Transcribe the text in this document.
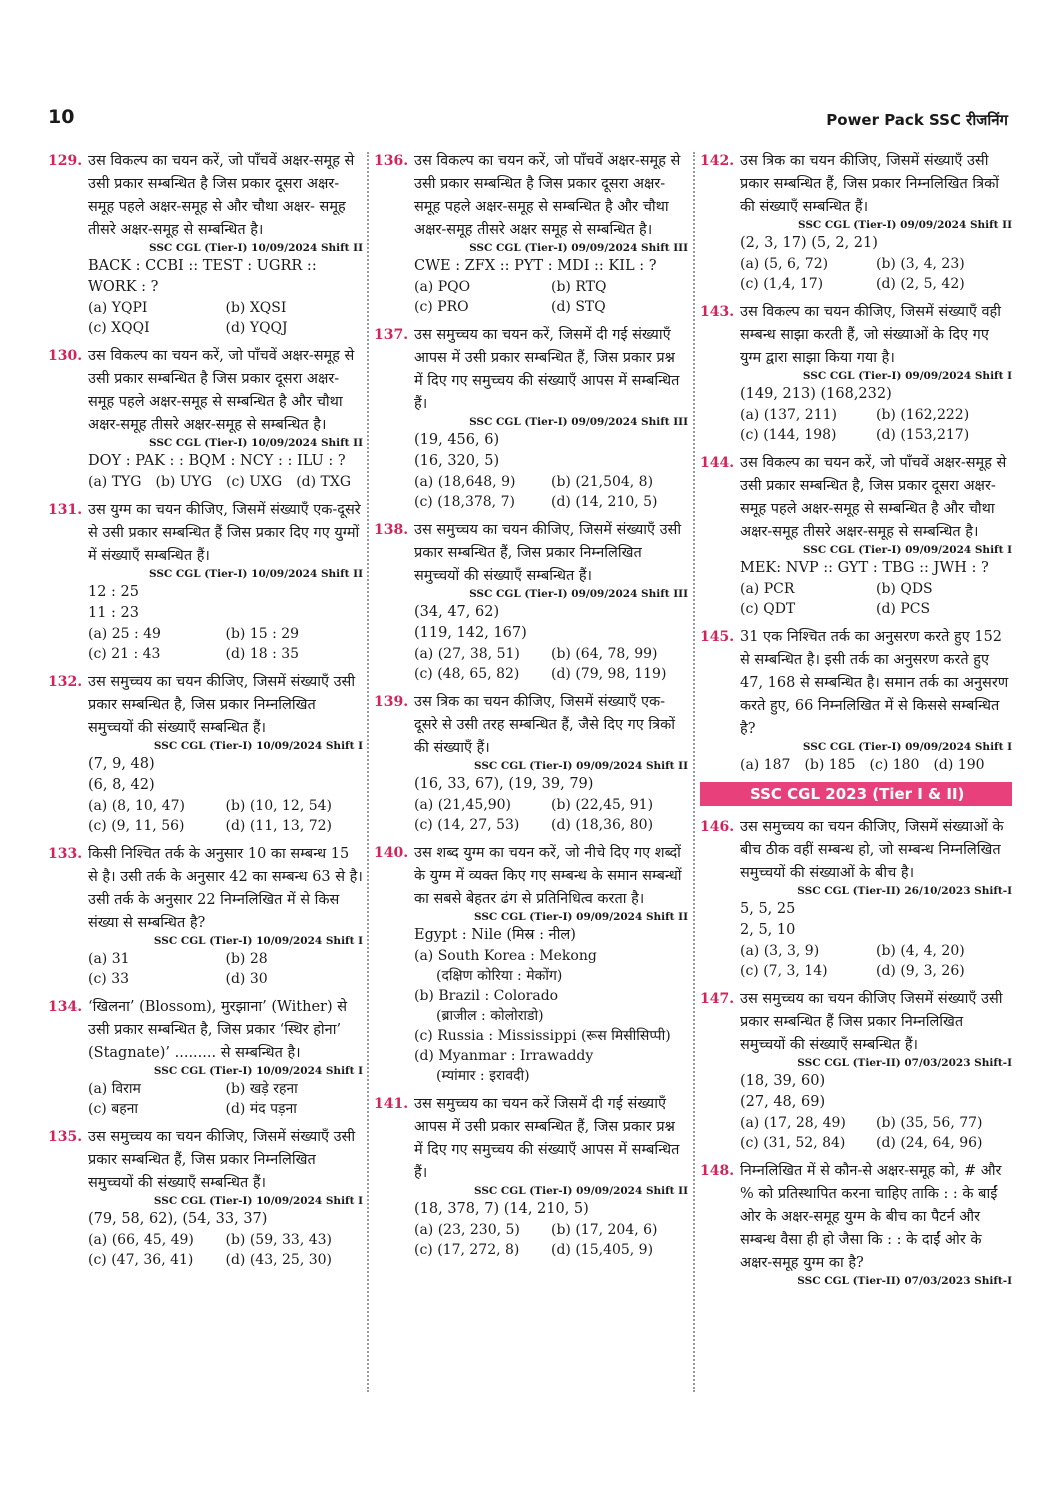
10	Power Pack SSC रीजनिंग
129. उस विकल्प का चयन करें, जो पाँचवें अक्षर-समूह से उसी प्रकार सम्बन्धित है जिस प्रकार दूसरा अक्षर-समूह पहले अक्षर-समूह से और चौथा अक्षर- समूह तीसरे अक्षर-समूह से सम्बन्धित है।
SSC CGL (Tier-I) 10/09/2024 Shift II
BACK : CCBI :: TEST : UGRR ::
WORK : ?
(a) YQPI	(b) XQSI
(c) XQQI	(d) YQQJ
130. उस विकल्प का चयन करें, जो पाँचवें अक्षर-समूह से उसी प्रकार सम्बन्धित है जिस प्रकार दूसरा अक्षर-समूह पहले अक्षर-समूह से सम्बन्धित है और चौथा अक्षर-समूह तीसरे अक्षर-समूह से सम्बन्धित है।
SSC CGL (Tier-I) 10/09/2024 Shift II
DOY : PAK : : BQM : NCY : : ILU : ?
(a) TYG (b) UYG (c) UXG (d) TXG
131. उस युग्म का चयन कीजिए, जिसमें संख्याएँ एक-दूसरे से उसी प्रकार सम्बन्धित हैं जिस प्रकार दिए गए युग्मों में संख्याएँ सम्बन्धित हैं।
SSC CGL (Tier-I) 10/09/2024 Shift II
12 : 25
11 : 23
(a) 25 : 49	(b) 15 : 29
(c) 21 : 43	(d) 18 : 35
132. उस समुच्चय का चयन कीजिए, जिसमें संख्याएँ उसी प्रकार सम्बन्धित है, जिस प्रकार निम्नलिखित समुच्चयों की संख्याएँ सम्बन्धित हैं।
SSC CGL (Tier-I) 10/09/2024 Shift I
(7, 9, 48)
(6, 8, 42)
(a) (8, 10, 47)	(b) (10, 12, 54)
(c) (9, 11, 56)	(d) (11, 13, 72)
133. किसी निश्चित तर्क के अनुसार 10 का सम्बन्ध 15 से है। उसी तर्क के अनुसार 42 का सम्बन्ध 63 से है। उसी तर्क के अनुसार 22 निम्नलिखित में से किस संख्या से सम्बन्धित है?
SSC CGL (Tier-I) 10/09/2024 Shift I
(a) 31	(b) 28
(c) 33	(d) 30
134. ‘खिलना’ (Blossom), मुरझाना’ (Wither) से उसी प्रकार सम्बन्धित है, जिस प्रकार ‘स्थिर होना’ (Stagnate)’ ......... से सम्बन्धित है।
SSC CGL (Tier-I) 10/09/2024 Shift I
(a) विराम	(b) खड़े रहना
(c) बहना	(d) मंद पड़ना
135. उस समुच्चय का चयन कीजिए, जिसमें संख्याएँ उसी प्रकार सम्बन्धित हैं, जिस प्रकार निम्नलिखित समुच्चयों की संख्याएँ सम्बन्धित हैं।
SSC CGL (Tier-I) 10/09/2024 Shift I
(79, 58, 62), (54, 33, 37)
(a) (66, 45, 49)	(b) (59, 33, 43)
(c) (47, 36, 41)	(d) (43, 25, 30)
136. उस विकल्प का चयन करें, जो पाँचवें अक्षर-समूह से उसी प्रकार सम्बन्धित है जिस प्रकार दूसरा अक्षर-समूह पहले अक्षर-समूह से सम्बन्धित है और चौथा अक्षर-समूह तीसरे अक्षर समूह से सम्बन्धित है।
SSC CGL (Tier-I) 09/09/2024 Shift III
CWE : ZFX :: PYT : MDI :: KIL : ?
(a) PQO	(b) RTQ
(c) PRO	(d) STQ
137. उस समुच्चय का चयन करें, जिसमें दी गई संख्याएँ आपस में उसी प्रकार सम्बन्धित हैं, जिस प्रकार प्रश्न में दिए गए समुच्चय की संख्याएँ आपस में सम्बन्धित हैं।
SSC CGL (Tier-I) 09/09/2024 Shift III
(19, 456, 6)
(16, 320, 5)
(a) (18,648, 9)	(b) (21,504, 8)
(c) (18,378, 7)	(d) (14, 210, 5)
138. उस समुच्चय का चयन कीजिए, जिसमें संख्याएँ उसी प्रकार सम्बन्धित हैं, जिस प्रकार निम्नलिखित समुच्चयों की संख्याएँ सम्बन्धित हैं।
SSC CGL (Tier-I) 09/09/2024 Shift III
(34, 47, 62)
(119, 142, 167)
(a) (27, 38, 51)	(b) (64, 78, 99)
(c) (48, 65, 82)	(d) (79, 98, 119)
139. उस त्रिक का चयन कीजिए, जिसमें संख्याएँ एक-दूसरे से उसी तरह सम्बन्धित हैं, जैसे दिए गए त्रिकों की संख्याएँ हैं।
SSC CGL (Tier-I) 09/09/2024 Shift II
(16, 33, 67), (19, 39, 79)
(a) (21,45,90)	(b) (22,45, 91)
(c) (14, 27, 53)	(d) (18,36, 80)
140. उस शब्द युग्म का चयन करें, जो नीचे दिए गए शब्दों के युग्म में व्यक्त किए गए सम्बन्ध के समान सम्बन्धों का सबसे बेहतर ढंग से प्रतिनिधित्व करता है।
SSC CGL (Tier-I) 09/09/2024 Shift II
Egypt : Nile (मिस्र : नील)
(a) South Korea : Mekong
(दक्षिण कोरिया : मेकोंग)
(b) Brazil : Colorado
(ब्राजील : कोलोराडो)
(c) Russia : Mississippi (रूस मिसीसिप्पी)
(d) Myanmar : Irrawaddy
(म्यांमार : इरावदी)
141. उस समुच्चय का चयन करें जिसमें दी गई संख्याएँ आपस में उसी प्रकार सम्बन्धित हैं, जिस प्रकार प्रश्न में दिए गए समुच्चय की संख्याएँ आपस में सम्बन्धित हैं।
SSC CGL (Tier-I) 09/09/2024 Shift II
(18, 378, 7) (14, 210, 5)
(a) (23, 230, 5)	(b) (17, 204, 6)
(c) (17, 272, 8)	(d) (15,405, 9)
142. उस त्रिक का चयन कीजिए, जिसमें संख्याएँ उसी प्रकार सम्बन्धित हैं, जिस प्रकार निम्नलिखित त्रिकों की संख्याएँ सम्बन्धित हैं।
SSC CGL (Tier-I) 09/09/2024 Shift II
(2, 3, 17) (5, 2, 21)
(a) (5, 6, 72)	(b) (3, 4, 23)
(c) (1,4, 17)	(d) (2, 5, 42)
143. उस विकल्प का चयन कीजिए, जिसमें संख्याएँ वही सम्बन्ध साझा करती हैं, जो संख्याओं के दिए गए युग्म द्वारा साझा किया गया है।
SSC CGL (Tier-I) 09/09/2024 Shift I
(149, 213) (168,232)
(a) (137, 211)	(b) (162,222)
(c) (144, 198)	(d) (153,217)
144. उस विकल्प का चयन करें, जो पाँचवें अक्षर-समूह से उसी प्रकार सम्बन्धित है, जिस प्रकार दूसरा अक्षर-समूह पहले अक्षर-समूह से सम्बन्धित है और चौथा अक्षर-समूह तीसरे अक्षर-समूह से सम्बन्धित है।
SSC CGL (Tier-I) 09/09/2024 Shift I
MEK: NVP :: GYT : TBG :: JWH : ?
(a) PCR	(b) QDS
(c) QDT	(d) PCS
145. 31 एक निश्चित तर्क का अनुसरण करते हुए 152 से सम्बन्धित है। इसी तर्क का अनुसरण करते हुए 47, 168 से सम्बन्धित है। समान तर्क का अनुसरण करते हुए, 66 निम्नलिखित में से किससे सम्बन्धित है?
SSC CGL (Tier-I) 09/09/2024 Shift I
(a) 187 (b) 185 (c) 180 (d) 190
SSC CGL 2023 (Tier I & II)
146. उस समुच्चय का चयन कीजिए, जिसमें संख्याओं के बीच ठीक वहीं सम्बन्ध हो, जो सम्बन्ध निम्नलिखित समुच्चयों की संख्याओं के बीच है।
SSC CGL (Tier-II) 26/10/2023 Shift-I
5, 5, 25
2, 5, 10
(a) (3, 3, 9)	(b) (4, 4, 20)
(c) (7, 3, 14)	(d) (9, 3, 26)
147. उस समुच्चय का चयन कीजिए जिसमें संख्याएँ उसी प्रकार सम्बन्धित हैं जिस प्रकार निम्नलिखित समुच्चयों की संख्याएँ सम्बन्धित हैं।
SSC CGL (Tier-II) 07/03/2023 Shift-I
(18, 39, 60)
(27, 48, 69)
(a) (17, 28, 49)	(b) (35, 56, 77)
(c) (31, 52, 84)	(d) (24, 64, 96)
148. निम्नलिखित में से कौन-से अक्षर-समूह को, # और % को प्रतिस्थापित करना चाहिए ताकि : : के बाईं ओर के अक्षर-समूह युग्म के बीच का पैटर्न और सम्बन्ध वैसा ही हो जैसा कि : : के दाईं ओर के अक्षर-समूह युग्म का है?
SSC CGL (Tier-II) 07/03/2023 Shift-I
